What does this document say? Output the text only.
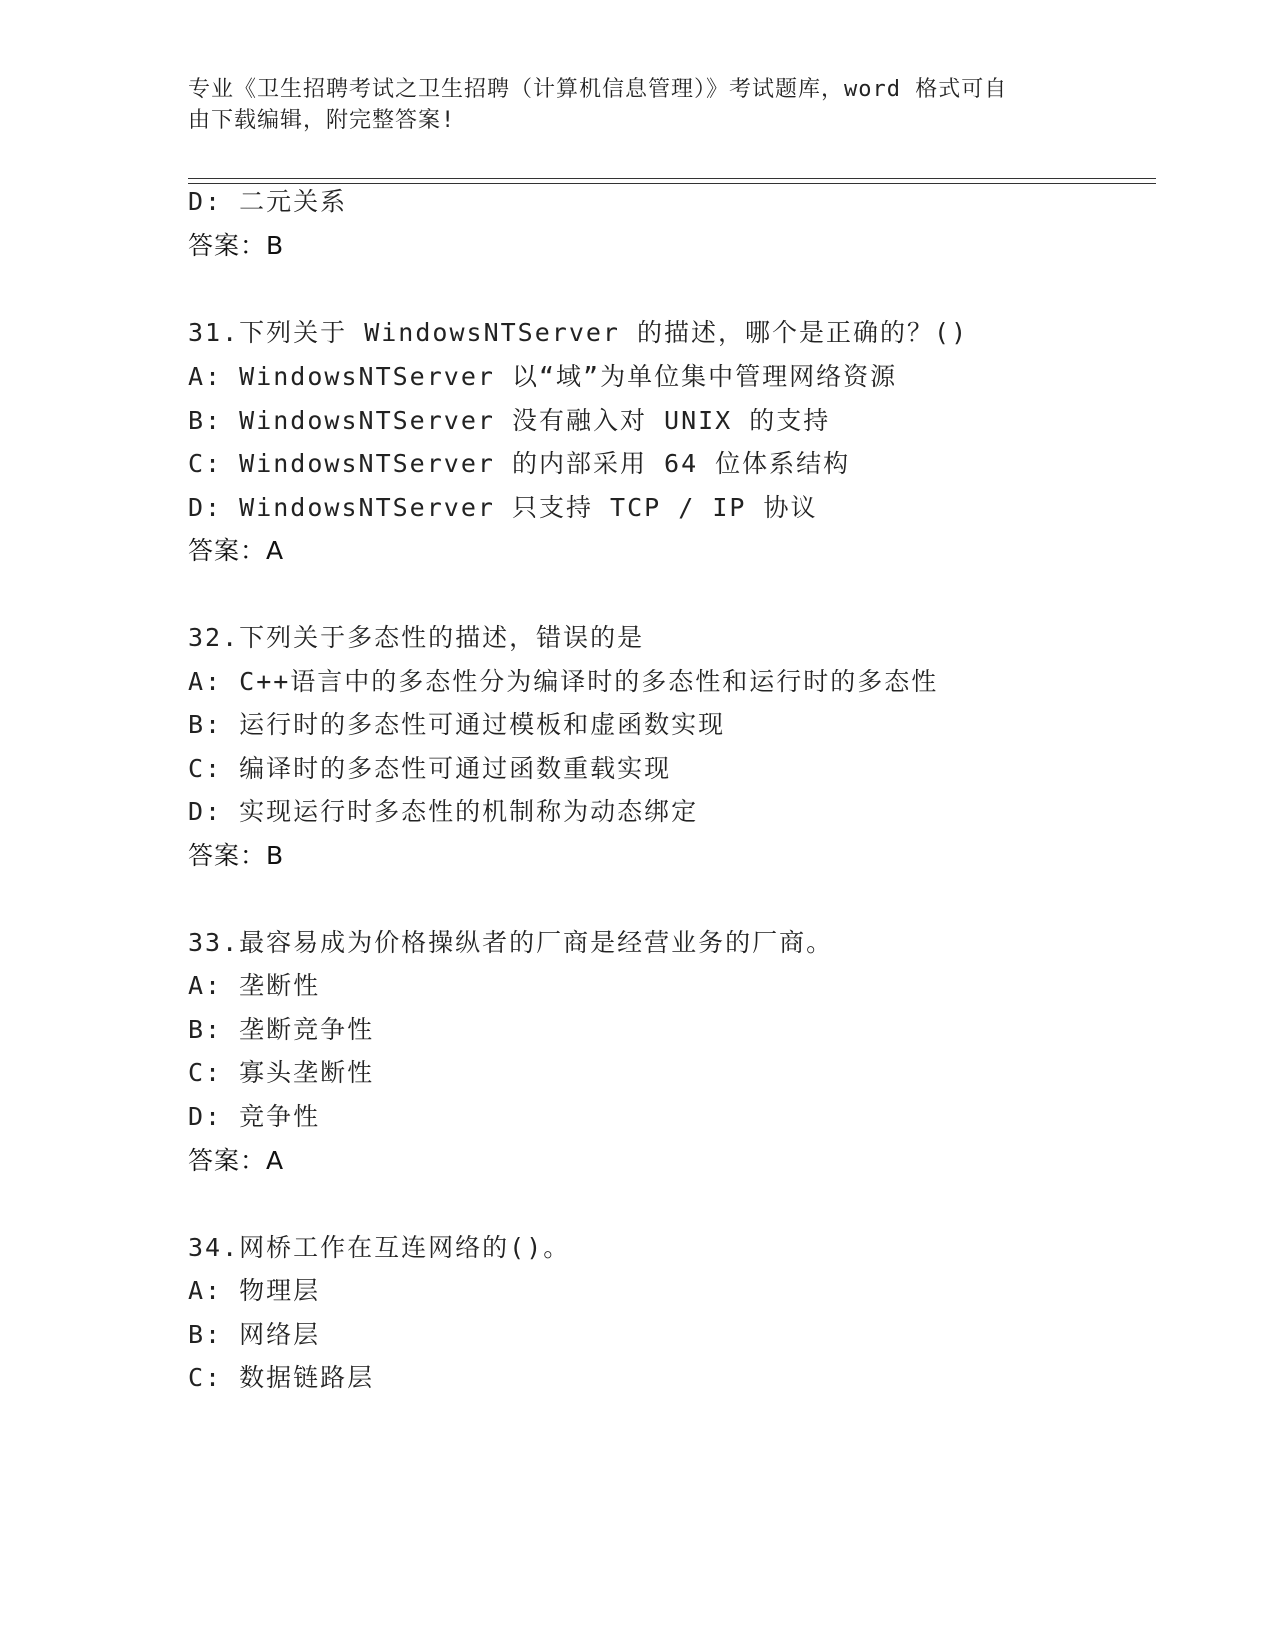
专业《卫生招聘考试之卫生招聘（计算机信息管理）》考试题库，word 格式可自
由下载编辑，附完整答案!
D: 二元关系
答案：B
31.下列关于 WindowsNTServer 的描述，哪个是正确的？()
A: WindowsNTServer 以“域”为单位集中管理网络资源
B: WindowsNTServer 没有融入对 UNIX 的支持
C: WindowsNTServer 的内部采用 64 位体系结构
D: WindowsNTServer 只支持 TCP / IP 协议
答案：A
32.下列关于多态性的描述，错误的是
A: C++语言中的多态性分为编译时的多态性和运行时的多态性
B: 运行时的多态性可通过模板和虚函数实现
C: 编译时的多态性可通过函数重载实现
D: 实现运行时多态性的机制称为动态绑定
答案：B
33.最容易成为价格操纵者的厂商是经营业务的厂商。
A: 垄断性
B: 垄断竞争性
C: 寡头垄断性
D: 竞争性
答案：A
34.网桥工作在互连网络的()。
A: 物理层
B: 网络层
C: 数据链路层
